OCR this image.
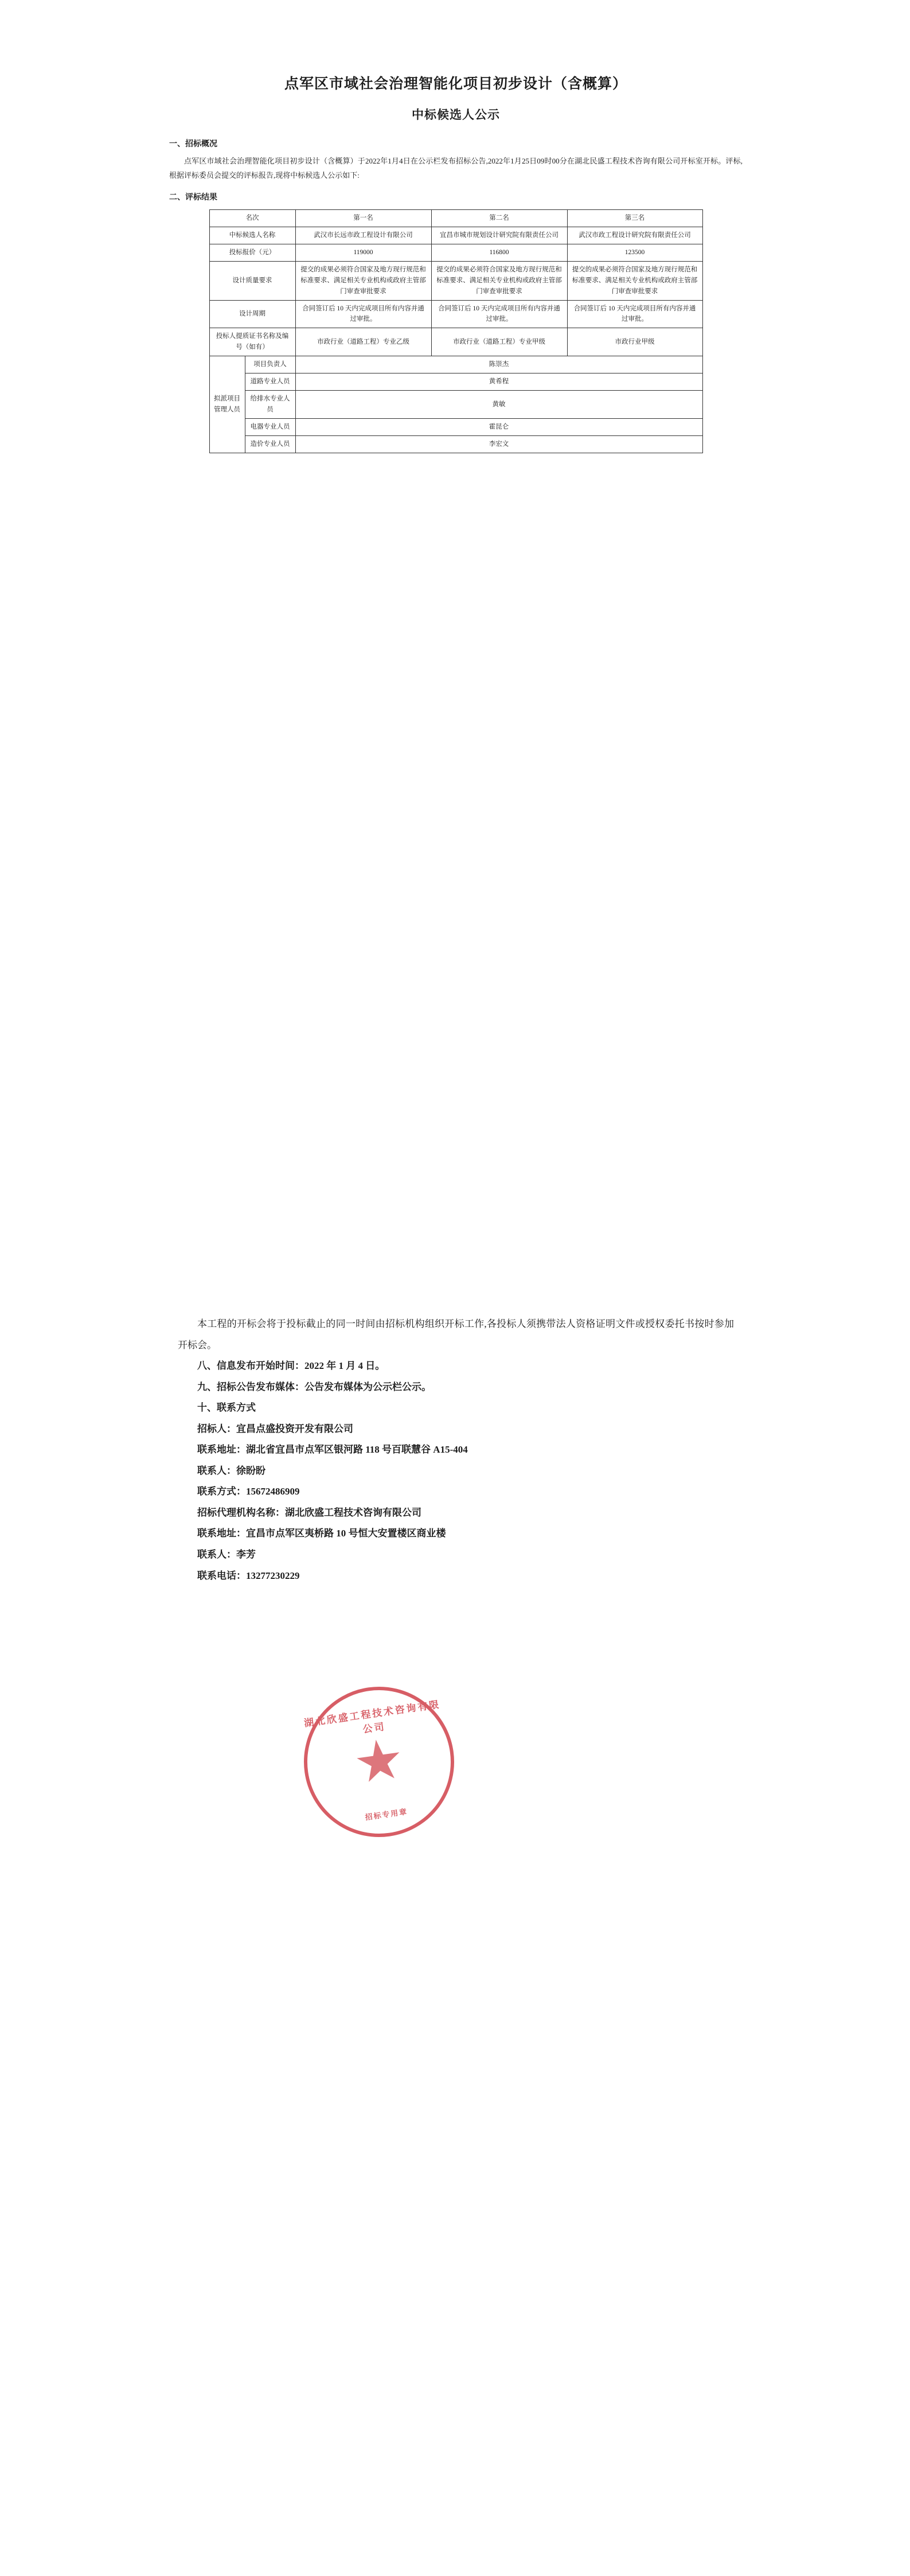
点军区市域社会治理智能化项目初步设计（含概算）
中标候选人公示
一、招标概况
点军区市域社会治理智能化项目初步设计（含概算）于2022年1月4日在公示栏发布招标公告,2022年1月25日09时00分在湖北民盛工程技术咨询有限公司开标室开标。评标,根据评标委员会提交的评标报告,现将中标候选人公示如下:
二、评标结果
名次		第一名	第二名	第三名
中标候选人名称		武汉市长远市政工程设计有限公司	宜昌市城市规划设计研究院有限责任公司	武汉市政工程设计研究院有限责任公司
投标报价（元）		119000	116800	123500
设计质量要求		提交的成果必须符合国家及地方现行规范和标准要求、满足相关专业机构或政府主管部门审查审批要求	提交的成果必须符合国家及地方现行规范和标准要求、满足相关专业机构或政府主管部门审查审批要求	提交的成果必须符合国家及地方现行规范和标准要求、满足相关专业机构或政府主管部门审查审批要求
设计周期		合同签订后 10 天内完成项目所有内容并通过审批。	合同签订后 10 天内完成项目所有内容并通过审批。	合同签订后 10 天内完成项目所有内容并通过审批。
投标人提质证书名称及编号（如有）		市政行业（道路工程）专业乙级	市政行业（道路工程）专业甲级	市政行业甲级
拟派项目管理人员	项目负责人	陈崇杰		
	道路专业人员	黄希程		
	给排水专业人员	黄敏		
	电器专业人员	霍昆仑		
	造价专业人员	李宏文		
本工程的开标会将于投标截止的同一时间由招标机构组织开标工作,各投标人须携带法人资格证明文件或授权委托书按时参加开标会。
八、信息发布开始时间：2022 年 1 月 4 日。
九、招标公告发布媒体：公告发布媒体为公示栏公示。
十、联系方式
招标人：宜昌点盛投资开发有限公司
联系地址：湖北省宜昌市点军区银河路 118 号百联慧谷 A15-404
联系人：徐盼盼
联系方式：15672486909
招标代理机构名称：湖北欣盛工程技术咨询有限公司
联系地址：宜昌市点军区夷桥路 10 号恒大安置楼区商业楼
联系人：李芳
联系电话：13277230229
湖北欣盛工程技术咨询有限公司
招标专用章
